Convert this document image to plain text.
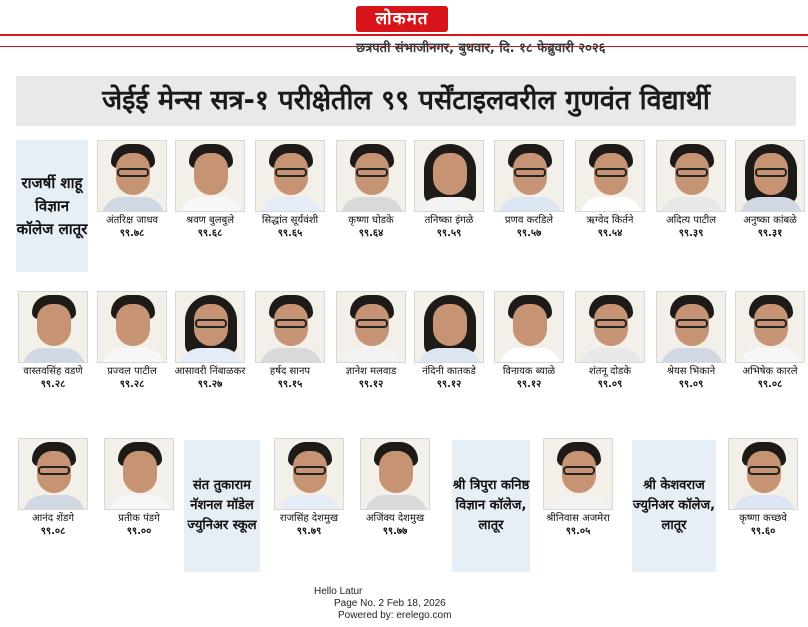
लोकमत
छत्रपती संभाजीनगर, बुधवार, दि. १८ फेब्रुवारी २०२६
जेईई मेन्स सत्र-१ परीक्षेतील ९९ पर्सेंटाइलवरील गुणवंत विद्यार्थी
राजर्षी शाहू विज्ञान कॉलेज लातूर
संत तुकाराम नॅशनल मॉडेल ज्युनिअर स्कूल
श्री त्रिपुरा कनिष्ठ विज्ञान कॉलेज, लातूर
श्री केशवराज ज्युनिअर कॉलेज, लातूर
अंतरिक्ष जाधव
९९.७८
श्रवण बुलबुले
९९.६८
सिद्धांत सूर्यवंशी
९९.६५
कृष्णा घोडके
९९.६४
तनिष्का इंगळे
९९.५९
प्रणव करडिले
९९.५७
ऋग्वेद किर्तने
९९.५४
अदित्य पाटील
९९.३९
अनुष्का कांबळे
९९.३१
वास्तवसिंह वडणे
९९.२८
प्रज्वल पाटील
९९.२८
आसावरी निंबाळकर
९९.२७
हर्षद सानप
९९.१५
ज्ञानेश मलवाड
९९.१२
नंदिनी कातकडे
९९.१२
विनायक ब्याळे
९९.१२
शंतनू दोडके
९९.०९
श्रेयस भिकाने
९९.०९
अभिषेक कारले
९९.०८
आनंद शेंडगे
९९.०८
प्रतीक पंडगे
९९.००
राजसिंह देशमुख
९९.७९
अजिंक्य देशमुख
९९.७७
श्रीनिवास अजमेरा
९९.०५
कृष्णा कच्छवे
९९.६०
Hello Latur
Page No. 2 Feb 18, 2026
Powered by: erelego.com
